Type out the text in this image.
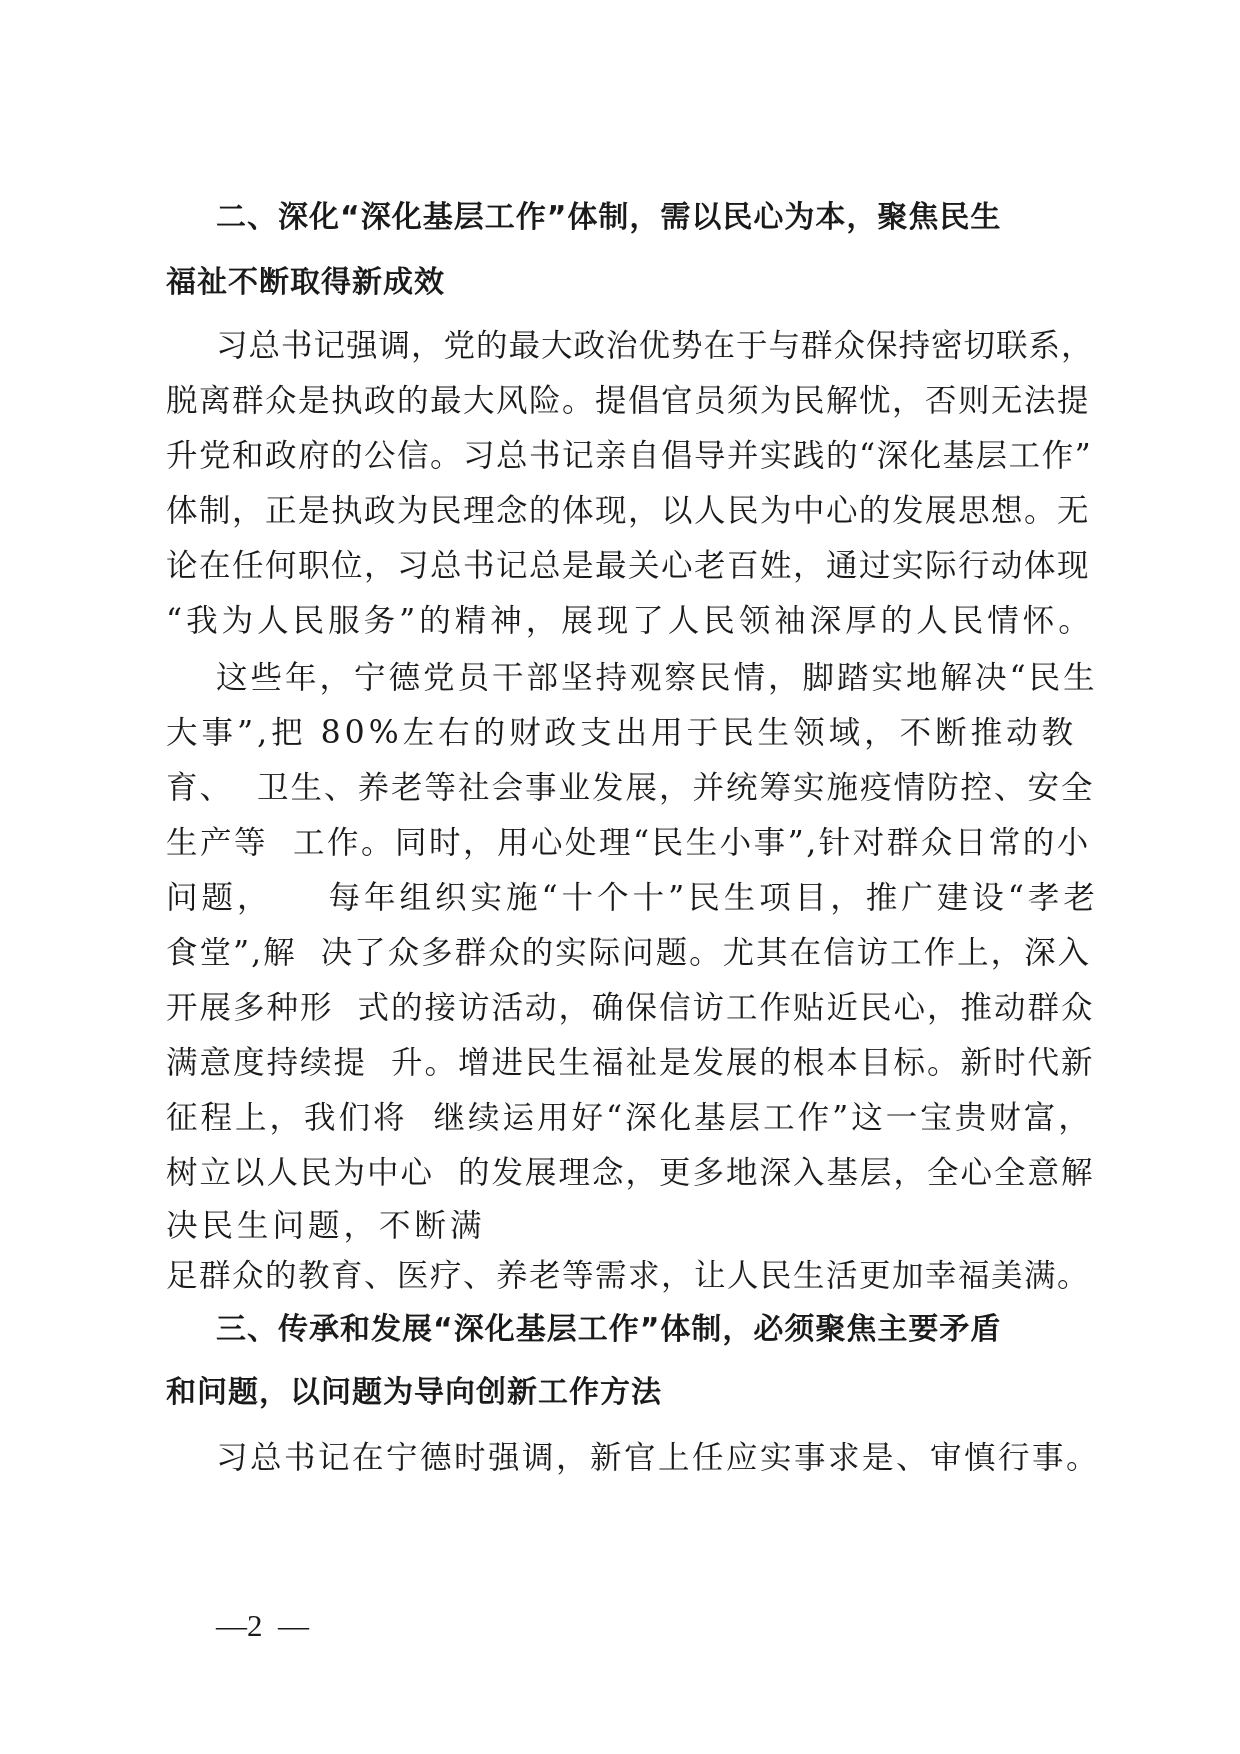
二、深化“深化基层工作”体制，需以民心为本，聚焦民生
福祉不断取得新成效
习总书记强调，党的最大政治优势在于与群众保持密切联系，
脱离群众是执政的最大风险。提倡官员须为民解忧，否则无法提
升党和政府的公信。习总书记亲自倡导并实践的“深化基层工作”
体制，正是执政为民理念的体现，以人民为中心的发展思想。无
论在任何职位，习总书记总是最关心老百姓，通过实际行动体现
“我为人民服务”的精神，展现了人民领袖深厚的人民情怀。
这些年，宁德党员干部坚持观察民情，脚踏实地解决“民生
大事”,把 80%左右的财政支出用于民生领域，不断推动教
育、  卫生、养老等社会事业发展，并统筹实施疫情防控、安全
生产等  工作。同时，用心处理“民生小事”,针对群众日常的小
问题，    每年组织实施“十个十”民生项目，推广建设“孝老
食堂”,解  决了众多群众的实际问题。尤其在信访工作上，深入
开展多种形  式的接访活动，确保信访工作贴近民心，推动群众
满意度持续提  升。增进民生福祉是发展的根本目标。新时代新
征程上，我们将  继续运用好“深化基层工作”这一宝贵财富，
树立以人民为中心  的发展理念，更多地深入基层，全心全意解
决民生问题，不断满
足群众的教育、医疗、养老等需求，让人民生活更加幸福美满。
三、传承和发展“深化基层工作”体制，必须聚焦主要矛盾
和问题，以问题为导向创新工作方法
习总书记在宁德时强调，新官上任应实事求是、审慎行事。
—2  —
